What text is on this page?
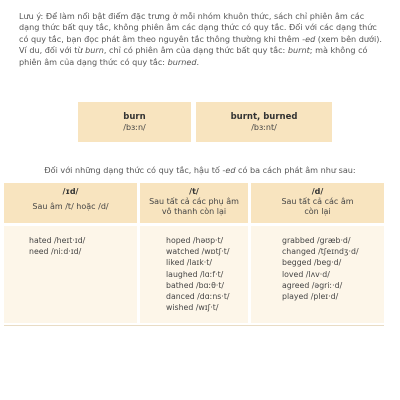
Lưu ý: Để làm nổi bật điểm đặc trưng ở mỗi nhóm khuôn thức, sách chỉ phiên âm các dạng thức bất quy tắc, không phiên âm các dạng thức có quy tắc. Đối với các dạng thức có quy tắc, bạn đọc phát âm theo nguyên tắc thông thường khi thêm -ed (xem bên dưới). Ví du, đối với từ burn, chỉ có phiên âm của dạng thức bất quy tắc: burnt; mà không có phiên âm của dạng thức có quy tắc: burned.
burn
/bɜːn/
burnt, burned
/bɜːnt/
Đối với những dạng thức có quy tắc, hậu tố -ed có ba cách phát âm như sau:
/ɪd/
Sau âm /t/ hoặc /d/
/t/
Sau tất cả các phụ âm vô thanh còn lại
/d/
Sau tất cả các âm còn lại
hated /heɪt·ɪd/
need /niːd·ɪd/
hoped /həʊp·t/
watched /wɒtʃ·t/
liked /laɪk·t/
laughed /lɑːf·t/
bathed /bɑːθ·t/
danced /dɑːns·t/
wished /wɪʃ·t/
grabbed /græb·d/
changed /tʃeɪndʒ·d/
begged /beg·d/
loved /lʌv·d/
agreed /əgriː·d/
played /pleɪ·d/
